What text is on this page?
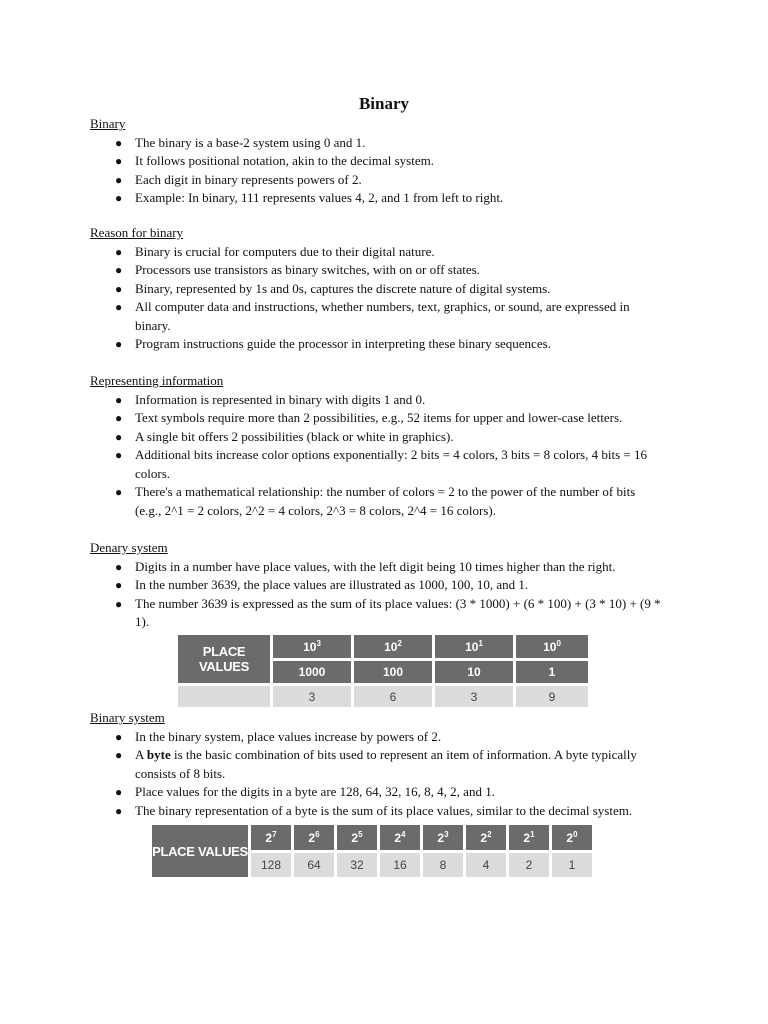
Binary
Binary
● The binary is a base-2 system using 0 and 1.
● It follows positional notation, akin to the decimal system.
● Each digit in binary represents powers of 2.
● Example: In binary, 111 represents values 4, 2, and 1 from left to right.
Reason for binary
● Binary is crucial for computers due to their digital nature.
● Processors use transistors as binary switches, with on or off states.
● Binary, represented by 1s and 0s, captures the discrete nature of digital systems.
● All computer data and instructions, whether numbers, text, graphics, or sound, are expressed in binary.
● Program instructions guide the processor in interpreting these binary sequences.
Representing information
● Information is represented in binary with digits 1 and 0.
● Text symbols require more than 2 possibilities, e.g., 52 items for upper and lower-case letters.
● A single bit offers 2 possibilities (black or white in graphics).
● Additional bits increase color options exponentially: 2 bits = 4 colors, 3 bits = 8 colors, 4 bits = 16 colors.
● There's a mathematical relationship: the number of colors = 2 to the power of the number of bits (e.g., 2^1 = 2 colors, 2^2 = 4 colors, 2^3 = 8 colors, 2^4 = 16 colors).
Denary system
● Digits in a number have place values, with the left digit being 10 times higher than the right.
● In the number 3639, the place values are illustrated as 1000, 100, 10, and 1.
● The number 3639 is expressed as the sum of its place values: (3 * 1000) + (6 * 100) + (3 * 10) + (9 * 1).
PLACE VALUES	$10^3$	$10^2$	$10^1$	$10^0$
	1000	100	10	1
	3	6	3	9
Binary system
● In the binary system, place values increase by powers of 2.
● A byte is the basic combination of bits used to represent an item of information. A byte typically consists of 8 bits.
● Place values for the digits in a byte are 128, 64, 32, 16, 8, 4, 2, and 1.
● The binary representation of a byte is the sum of its place values, similar to the decimal system.
PLACE VALUES	$2^7$	$2^6$	$2^5$	$2^4$	$2^3$	$2^2$	$2^1$	$2^0$
	128	64	32	16	8	4	2	1
